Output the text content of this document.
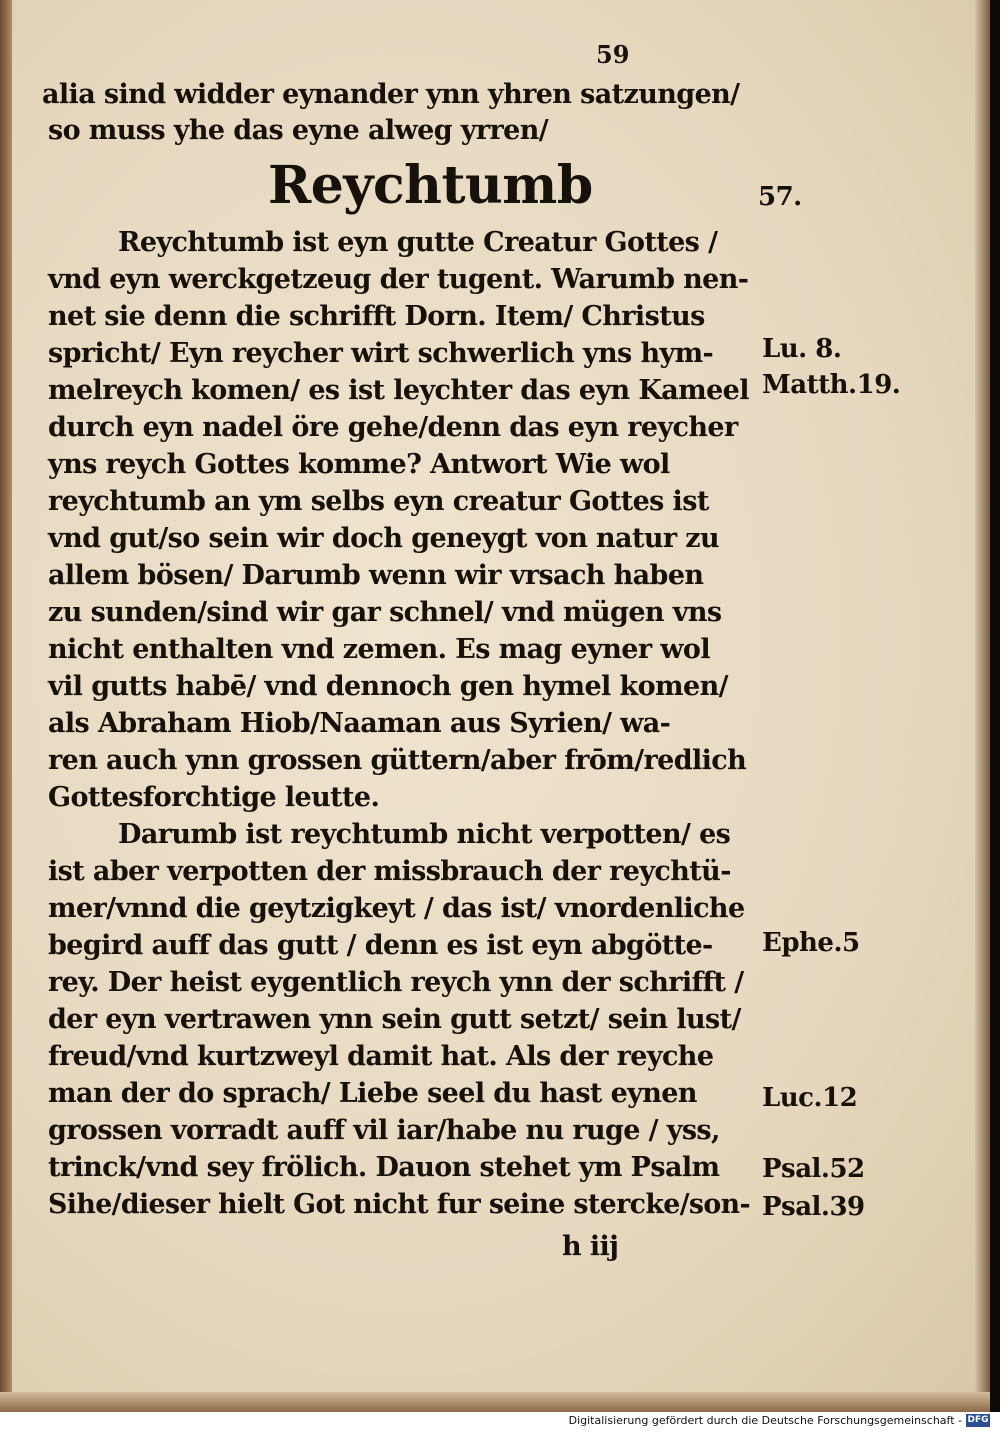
59
alia sind widder eynander ynn yhren satzungen/
so muss yhe das eyne alweg yrren/
Reychtumb	57.
Reychtumb ist eyn gutte Creatur Gottes /
vnd eyn werckgetzeug der tugent. Warumb nen-
net sie denn die schrifft Dorn. Item/ Christus
spricht/ Eyn reycher wirt schwerlich yns hym-
melreych komen/ es ist leychter das eyn Kameel
durch eyn nadel öre gehe/denn das eyn reycher
yns reych Gottes komme? Antwort Wie wol
reychtumb an ym selbs eyn creatur Gottes ist
vnd gut/so sein wir doch geneygt von natur zu
allem bösen/ Darumb wenn wir vrsach haben
zu sunden/sind wir gar schnel/ vnd mügen vns
nicht enthalten vnd zemen. Es mag eyner wol
vil gutts habē/ vnd dennoch gen hymel komen/
als Abraham Hiob/Naaman aus Syrien/ wa-
ren auch ynn grossen güttern/aber frōm/redlich
Gottesforchtige leutte.
Darumb ist reychtumb nicht verpotten/ es
ist aber verpotten der missbrauch der reychtü-
mer/vnnd die geytzigkeyt / das ist/ vnordenliche
begird auff das gutt / denn es ist eyn abgötte-
rey. Der heist eygentlich reych ynn der schrifft /
der eyn vertrawen ynn sein gutt setzt/ sein lust/
freud/vnd kurtzweyl damit hat. Als der reyche
man der do sprach/ Liebe seel du hast eynen
grossen vorradt auff vil iar/habe nu ruge / yss,
trinck/vnd sey frölich. Dauon stehet ym Psalm
Sihe/dieser hielt Got nicht fur seine stercke/son-
Lu. 8.
Matth.19.
Ephe.5
Luc.12
Psal.52
Psal.39
h iij
Digitalisierung gefördert durch die Deutsche Forschungsgemeinschaft - DFG
